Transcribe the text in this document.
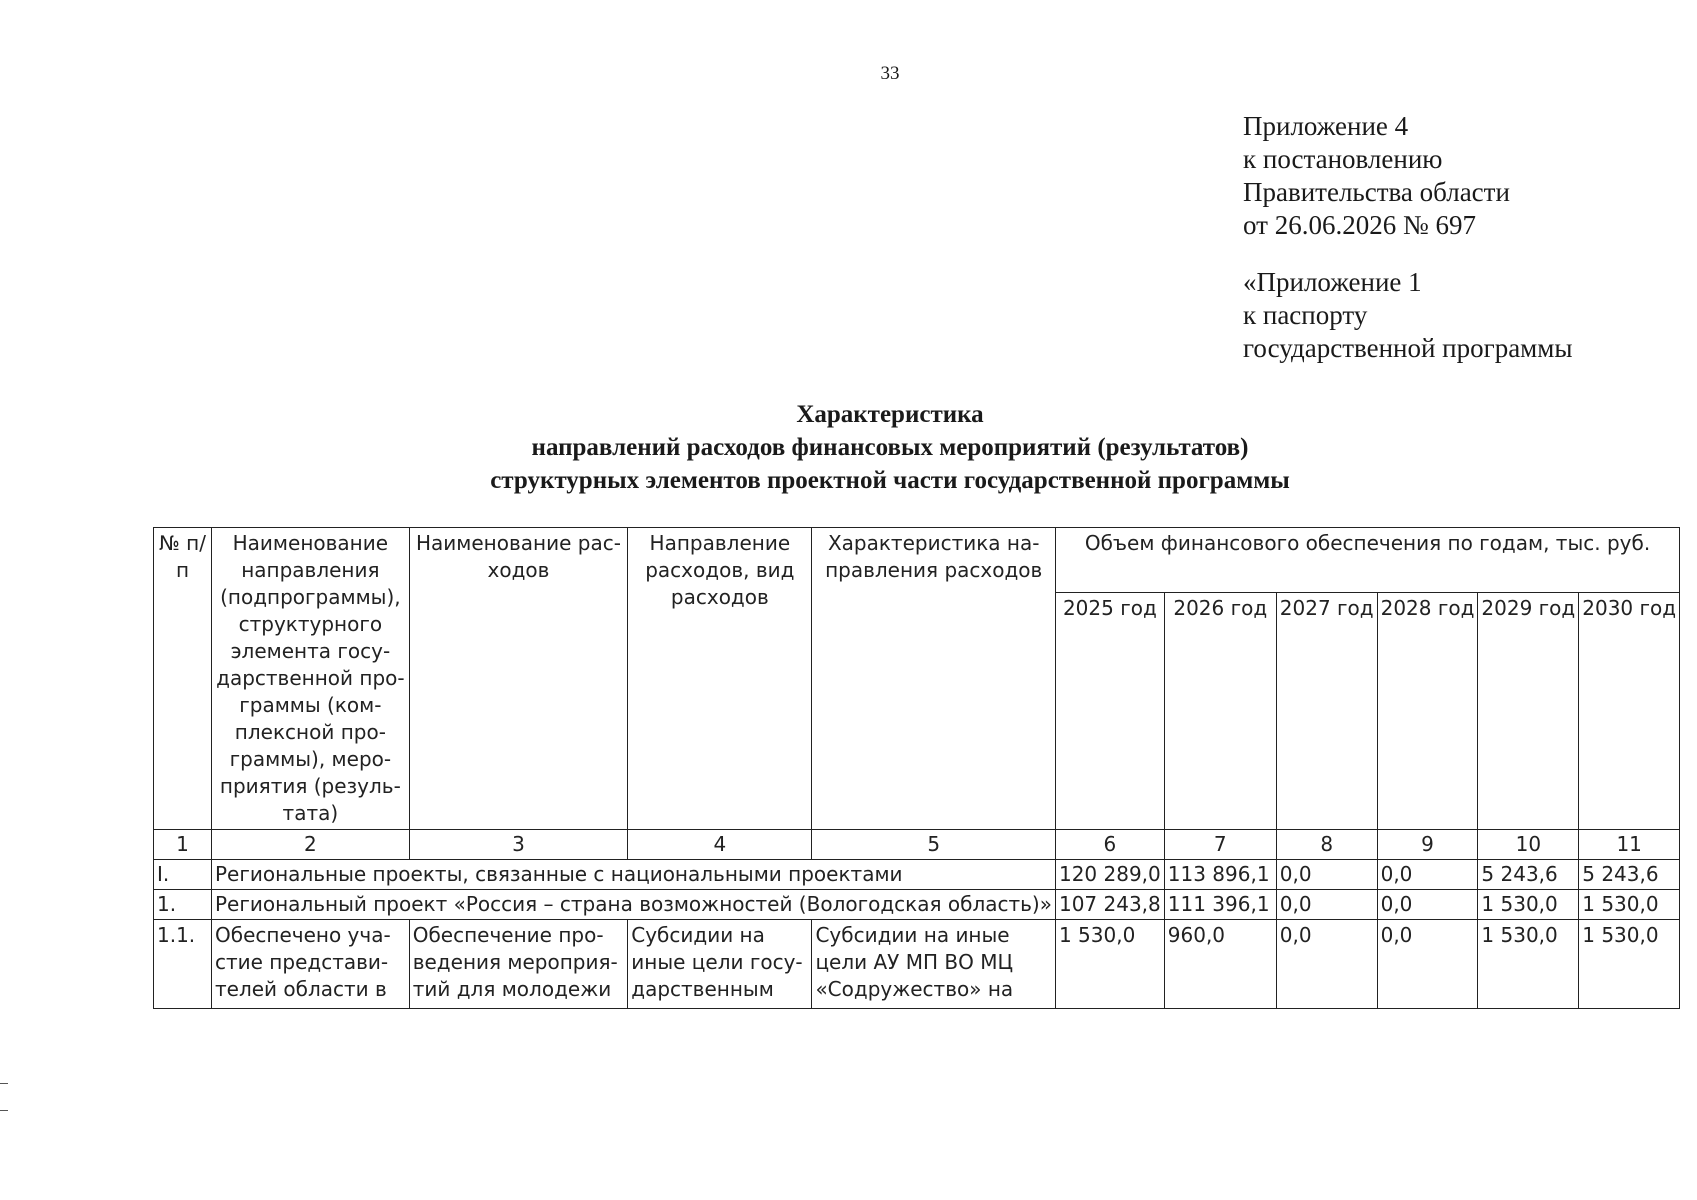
33
Приложение 4
к постановлению
Правительства области
от 26.06.2026 № 697
«Приложение 1
к паспорту
государственной программы
Характеристика
направлений расходов финансовых мероприятий (результатов)
структурных элементов проектной части государственной программы
№ п/п	Наименование направления (подпрограммы), структурного элемента государственной программы (комплексной программы), мероприятия (результата)	Наименование расходов	Направление расходов, вид расходов	Характеристика направления расходов	Объем финансового обеспечения по годам, тыс. руб.					
					2025 год	2026 год	2027 год	2028 год	2029 год	2030 год
1	2	3	4	5	6	7	8	9	10	11
I.	Региональные проекты, связанные с национальными проектами				120 289,0	113 896,1	0,0	0,0	5 243,6	5 243,6
1.	Региональный проект «Россия – страна возможностей (Вологодская область)»				107 243,8	111 396,1	0,0	0,0	1 530,0	1 530,0
1.1.	Обеспечено участие представителей области в	Обеспечение проведения мероприятий для молодежи	Субсидии на иные цели государственным	Субсидии на иные цели АУ МП ВО МЦ «Содружество» на	1 530,0	960,0	0,0	0,0	1 530,0	1 530,0
